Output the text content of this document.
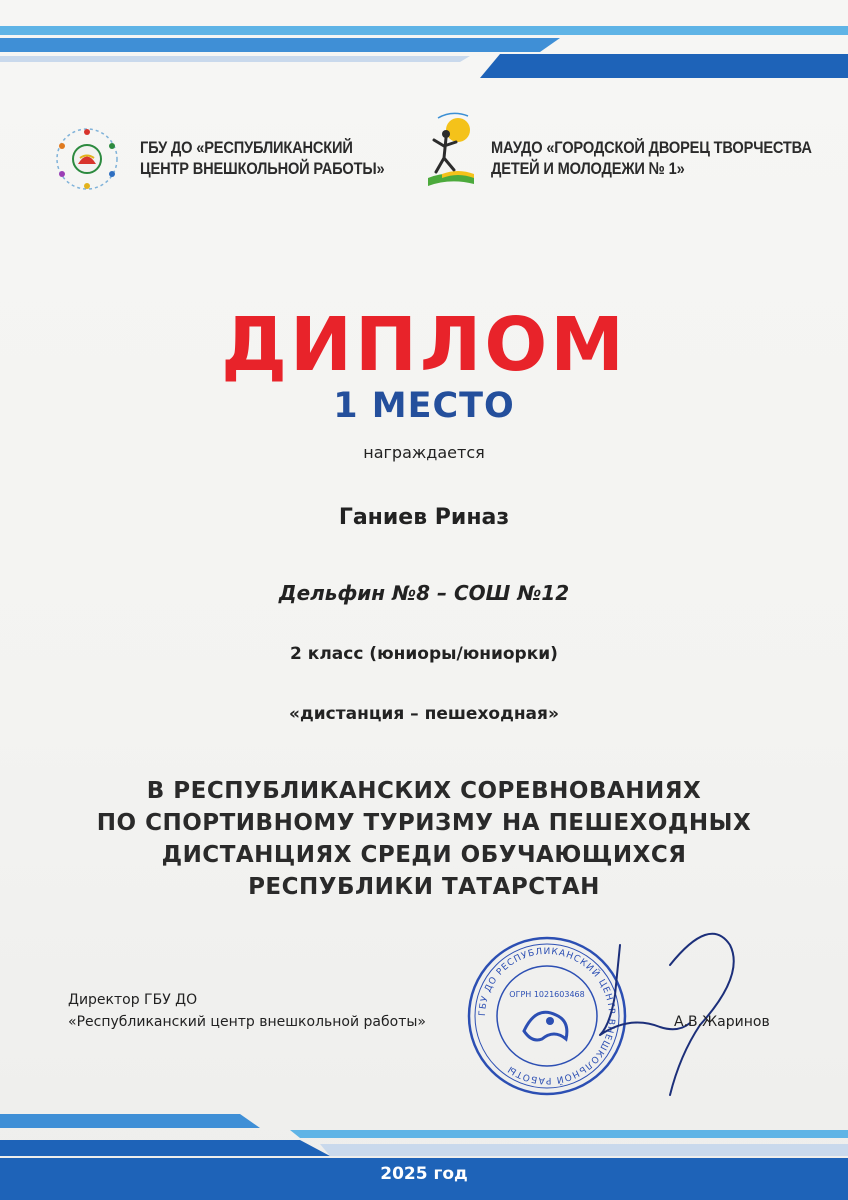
ГБУ ДО «РЕСПУБЛИКАНСКИЙ
ЦЕНТР ВНЕШКОЛЬНОЙ РАБОТЫ»
МАУДО «ГОРОДСКОЙ ДВОРЕЦ ТВОРЧЕСТВА
ДЕТЕЙ И МОЛОДЕЖИ № 1»
ДИПЛОМ
1 МЕСТО
награждается
Ганиев Риназ
Дельфин №8 – СОШ №12
2 класс (юниоры/юниорки)
«дистанция – пешеходная»
В РЕСПУБЛИКАНСКИХ СОРЕВНОВАНИЯХ
ПО СПОРТИВНОМУ ТУРИЗМУ НА ПЕШЕХОДНЫХ
ДИСТАНЦИЯХ СРЕДИ ОБУЧАЮЩИХСЯ
РЕСПУБЛИКИ ТАТАРСТАН
Директор ГБУ ДО
«Республиканский центр внешкольной работы»
ГБУ ДО РЕСПУБЛИКАНСКИЙ ЦЕНТР ВНЕШКОЛЬНОЙ РАБОТЫ
ОГРН 1021603468
А.В.Жаринов
2025 год
